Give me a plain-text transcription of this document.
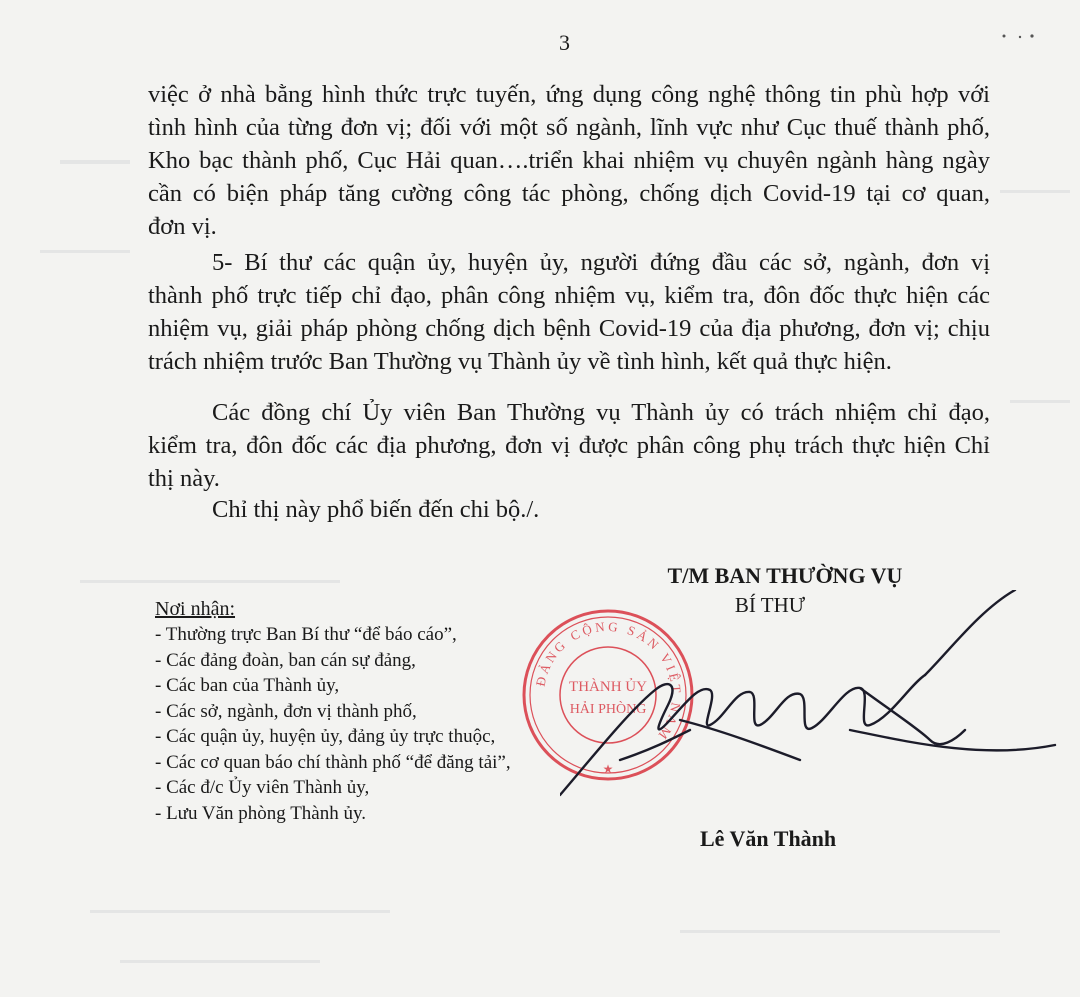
3
việc ở nhà bằng hình thức trực tuyến, ứng dụng công nghệ thông tin phù hợp với
tình hình của từng đơn vị; đối với một số ngành, lĩnh vực như Cục thuế thành phố,
Kho bạc thành phố, Cục Hải quan….triển khai nhiệm vụ chuyên ngành hàng ngày
cần có biện pháp tăng cường công tác phòng, chống dịch Covid-19 tại cơ quan,
đơn vị.
5- Bí thư các quận ủy, huyện ủy, người đứng đầu các sở, ngành, đơn vị
thành phố trực tiếp chỉ đạo, phân công nhiệm vụ, kiểm tra, đôn đốc thực hiện các
nhiệm vụ, giải pháp phòng chống dịch bệnh Covid-19 của địa phương, đơn vị; chịu
trách nhiệm trước Ban Thường vụ Thành ủy về tình hình, kết quả thực hiện.
Các đồng chí Ủy viên Ban Thường vụ Thành ủy có trách nhiệm chỉ đạo,
kiểm tra, đôn đốc các địa phương, đơn vị được phân công phụ trách thực hiện Chỉ
thị này.
Chỉ thị này phổ biến đến chi bộ./.
Nơi nhận:
- Thường trực Ban Bí thư “để báo cáo”,
- Các đảng đoàn, ban cán sự đảng,
- Các ban của Thành ủy,
- Các sở, ngành, đơn vị thành phố,
- Các quận ủy, huyện ủy, đảng ủy trực thuộc,
- Các cơ quan báo chí thành phố “để đăng tải”,
- Các đ/c Ủy viên Thành ủy,
- Lưu Văn phòng Thành ủy.
T/M BAN THƯỜNG VỤ
BÍ THƯ
ĐẢNG CỘNG SẢN VIỆT NAM
THÀNH ỦY
HẢI PHÒNG
★
Lê Văn Thành
